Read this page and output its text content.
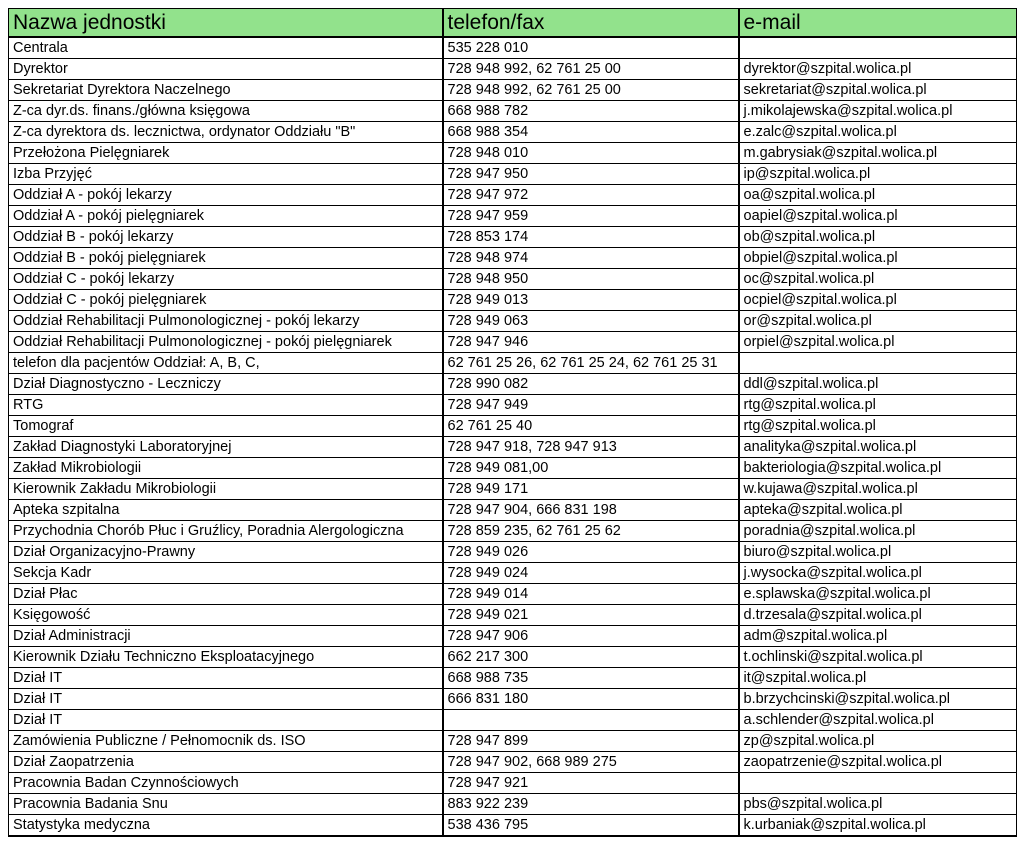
Nazwa jednostki	telefon/fax	e-mail
Centrala	535 228 010	
Dyrektor	728 948 992, 62 761 25 00	dyrektor@szpital.wolica.pl
Sekretariat Dyrektora Naczelnego	728 948 992, 62 761 25 00	sekretariat@szpital.wolica.pl
Z-ca dyr.ds. finans./główna księgowa	668 988 782	j.mikolajewska@szpital.wolica.pl
Z-ca dyrektora ds. lecznictwa, ordynator Oddziału "B"	668 988 354	e.zalc@szpital.wolica.pl
Przełożona Pielęgniarek	728 948 010	m.gabrysiak@szpital.wolica.pl
Izba Przyjęć	728 947 950	ip@szpital.wolica.pl
Oddział A - pokój lekarzy	728 947 972	oa@szpital.wolica.pl
Oddział A - pokój pielęgniarek	728 947 959	oapiel@szpital.wolica.pl
Oddział B - pokój lekarzy	728 853 174	ob@szpital.wolica.pl
Oddział B - pokój pielęgniarek	728 948 974	obpiel@szpital.wolica.pl
Oddział C - pokój lekarzy	728 948 950	oc@szpital.wolica.pl
Oddział C - pokój pielęgniarek	728 949 013	ocpiel@szpital.wolica.pl
Oddział Rehabilitacji Pulmonologicznej - pokój lekarzy	728 949 063	or@szpital.wolica.pl
Oddział Rehabilitacji Pulmonologicznej - pokój pielęgniarek	728 947 946	orpiel@szpital.wolica.pl
telefon dla pacjentów Oddział: A, B, C,	62 761 25 26, 62 761 25 24, 62 761 25 31	
Dział Diagnostyczno - Leczniczy	728 990 082	ddl@szpital.wolica.pl
RTG	728 947 949	rtg@szpital.wolica.pl
Tomograf	62 761 25 40	rtg@szpital.wolica.pl
Zakład Diagnostyki Laboratoryjnej	728 947 918, 728 947 913	analityka@szpital.wolica.pl
Zakład Mikrobiologii	728 949 081,00	bakteriologia@szpital.wolica.pl
Kierownik Zakładu Mikrobiologii	728 949 171	w.kujawa@szpital.wolica.pl
Apteka szpitalna	728 947 904, 666 831 198	apteka@szpital.wolica.pl
Przychodnia Chorób Płuc i Gruźlicy, Poradnia Alergologiczna	728 859 235, 62 761 25 62	poradnia@szpital.wolica.pl
Dział Organizacyjno-Prawny	728 949 026	biuro@szpital.wolica.pl
Sekcja Kadr	728 949 024	j.wysocka@szpital.wolica.pl
Dział Płac	728 949 014	e.splawska@szpital.wolica.pl
Księgowość	728 949 021	d.trzesala@szpital.wolica.pl
Dział Administracji	728 947 906	adm@szpital.wolica.pl
Kierownik Działu Techniczno Eksploatacyjnego	662 217 300	t.ochlinski@szpital.wolica.pl
Dział IT	668 988 735	it@szpital.wolica.pl
Dział IT	666 831 180	b.brzychcinski@szpital.wolica.pl
Dział IT		a.schlender@szpital.wolica.pl
Zamówienia Publiczne / Pełnomocnik ds. ISO	728 947 899	zp@szpital.wolica.pl
Dział Zaopatrzenia	728 947 902, 668 989 275	zaopatrzenie@szpital.wolica.pl
Pracownia Badan Czynnościowych	728 947 921	
Pracownia Badania Snu	883 922 239	pbs@szpital.wolica.pl
Statystyka medyczna	538 436 795	k.urbaniak@szpital.wolica.pl
